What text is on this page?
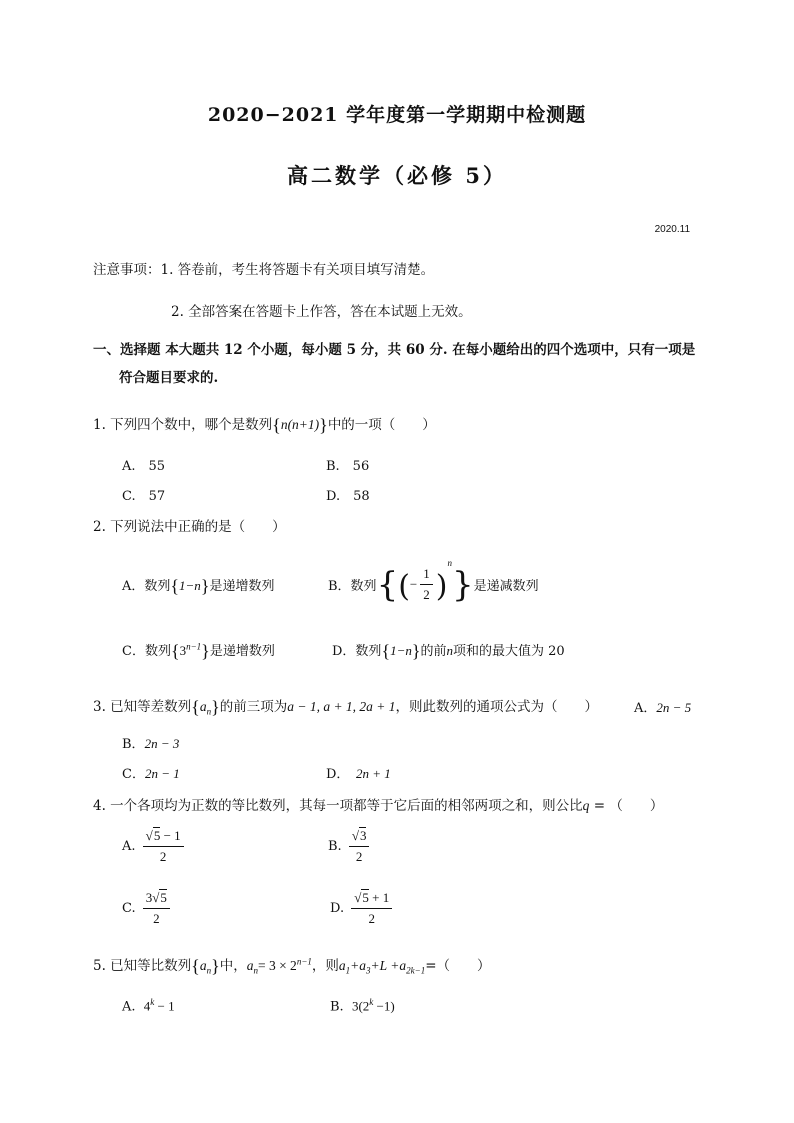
2020−2021 学年度第一学期期中检测题
高二数学（必修 5）
2020.11
注意事项：1. 答卷前，考生将答题卡有关项目填写清楚。
2. 全部答案在答题卡上作答，答在本试题上无效。
一、选择题 本大题共 12 个小题，每小题 5 分，共 60 分. 在每小题给出的四个选项中，只有一项是
符合题目要求的.
1. 下列四个数中，哪个是数列{n(n+1)}中的一项（　　）
A.　55	B.　56
C.　57	D.　58
2. 下列说法中正确的是（　　）
A．数列{1−n}是递增数列	B．数列{(− $\frac{1}{2} )^n$}是递减数列
C．数列$\{3^{n-1}\}$是递增数列	D．数列{1−n}的前n项和的最大值为 20
3. 已知等差数列$\{a_n\}$的前三项为a − 1, a + 1, 2a + 1，则此数列的通项公式为（　　）	A．2n − 5
B．2n − 3
C．2n − 1	D．　 2n + 1
4. 一个各项均为正数的等比数列，其每一项都等于它后面的相邻两项之和，则公比q = （　　）
A. $\frac{√5 - 1}{2}$	B. $\frac{√3}{2}$
C. $\frac{3√5}{2}$	D. $\frac{√5 + 1}{2}$
5. 已知等比数列$\{a_n\}$中，$a_n= 3 \times 2^{n-1}$，则$a_1+a_3+L +a_{2k-1}=$（　　）
A. $4^k - 1$	B. $3(2^k -1)$
